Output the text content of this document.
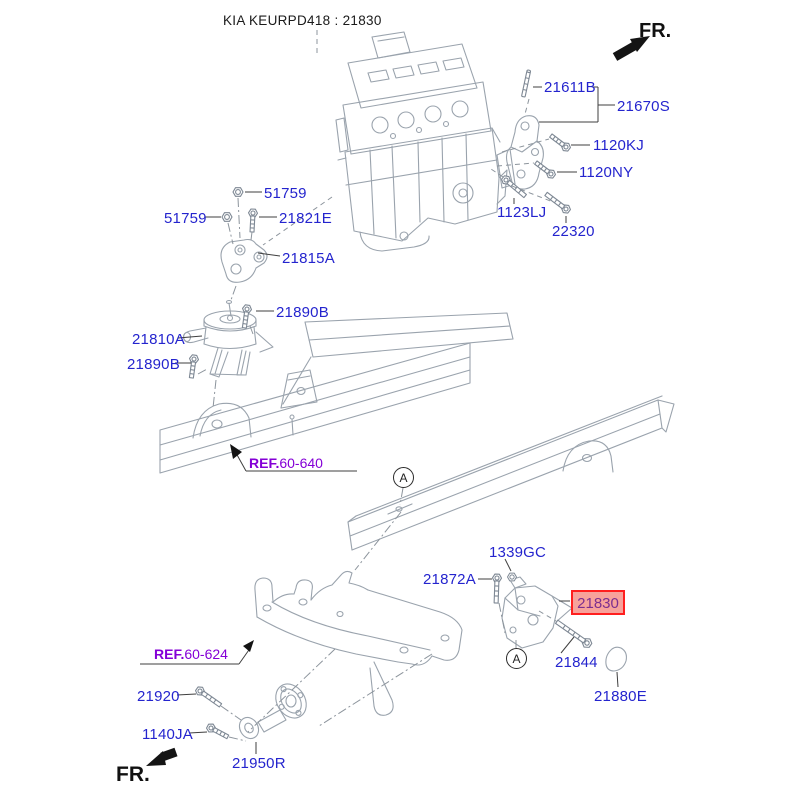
KIA KEURPD418 : 21830	FR.
FR.
21611B
21670S
1120KJ
1120NY
1123LJ
22320
51759
51759	21821E
21815A
21890B
21810A
21890B
1339GC
21872A
21844
21880E
21920
1140JA
21950R
REF.60-640
REF.60-624
A
A
21830
